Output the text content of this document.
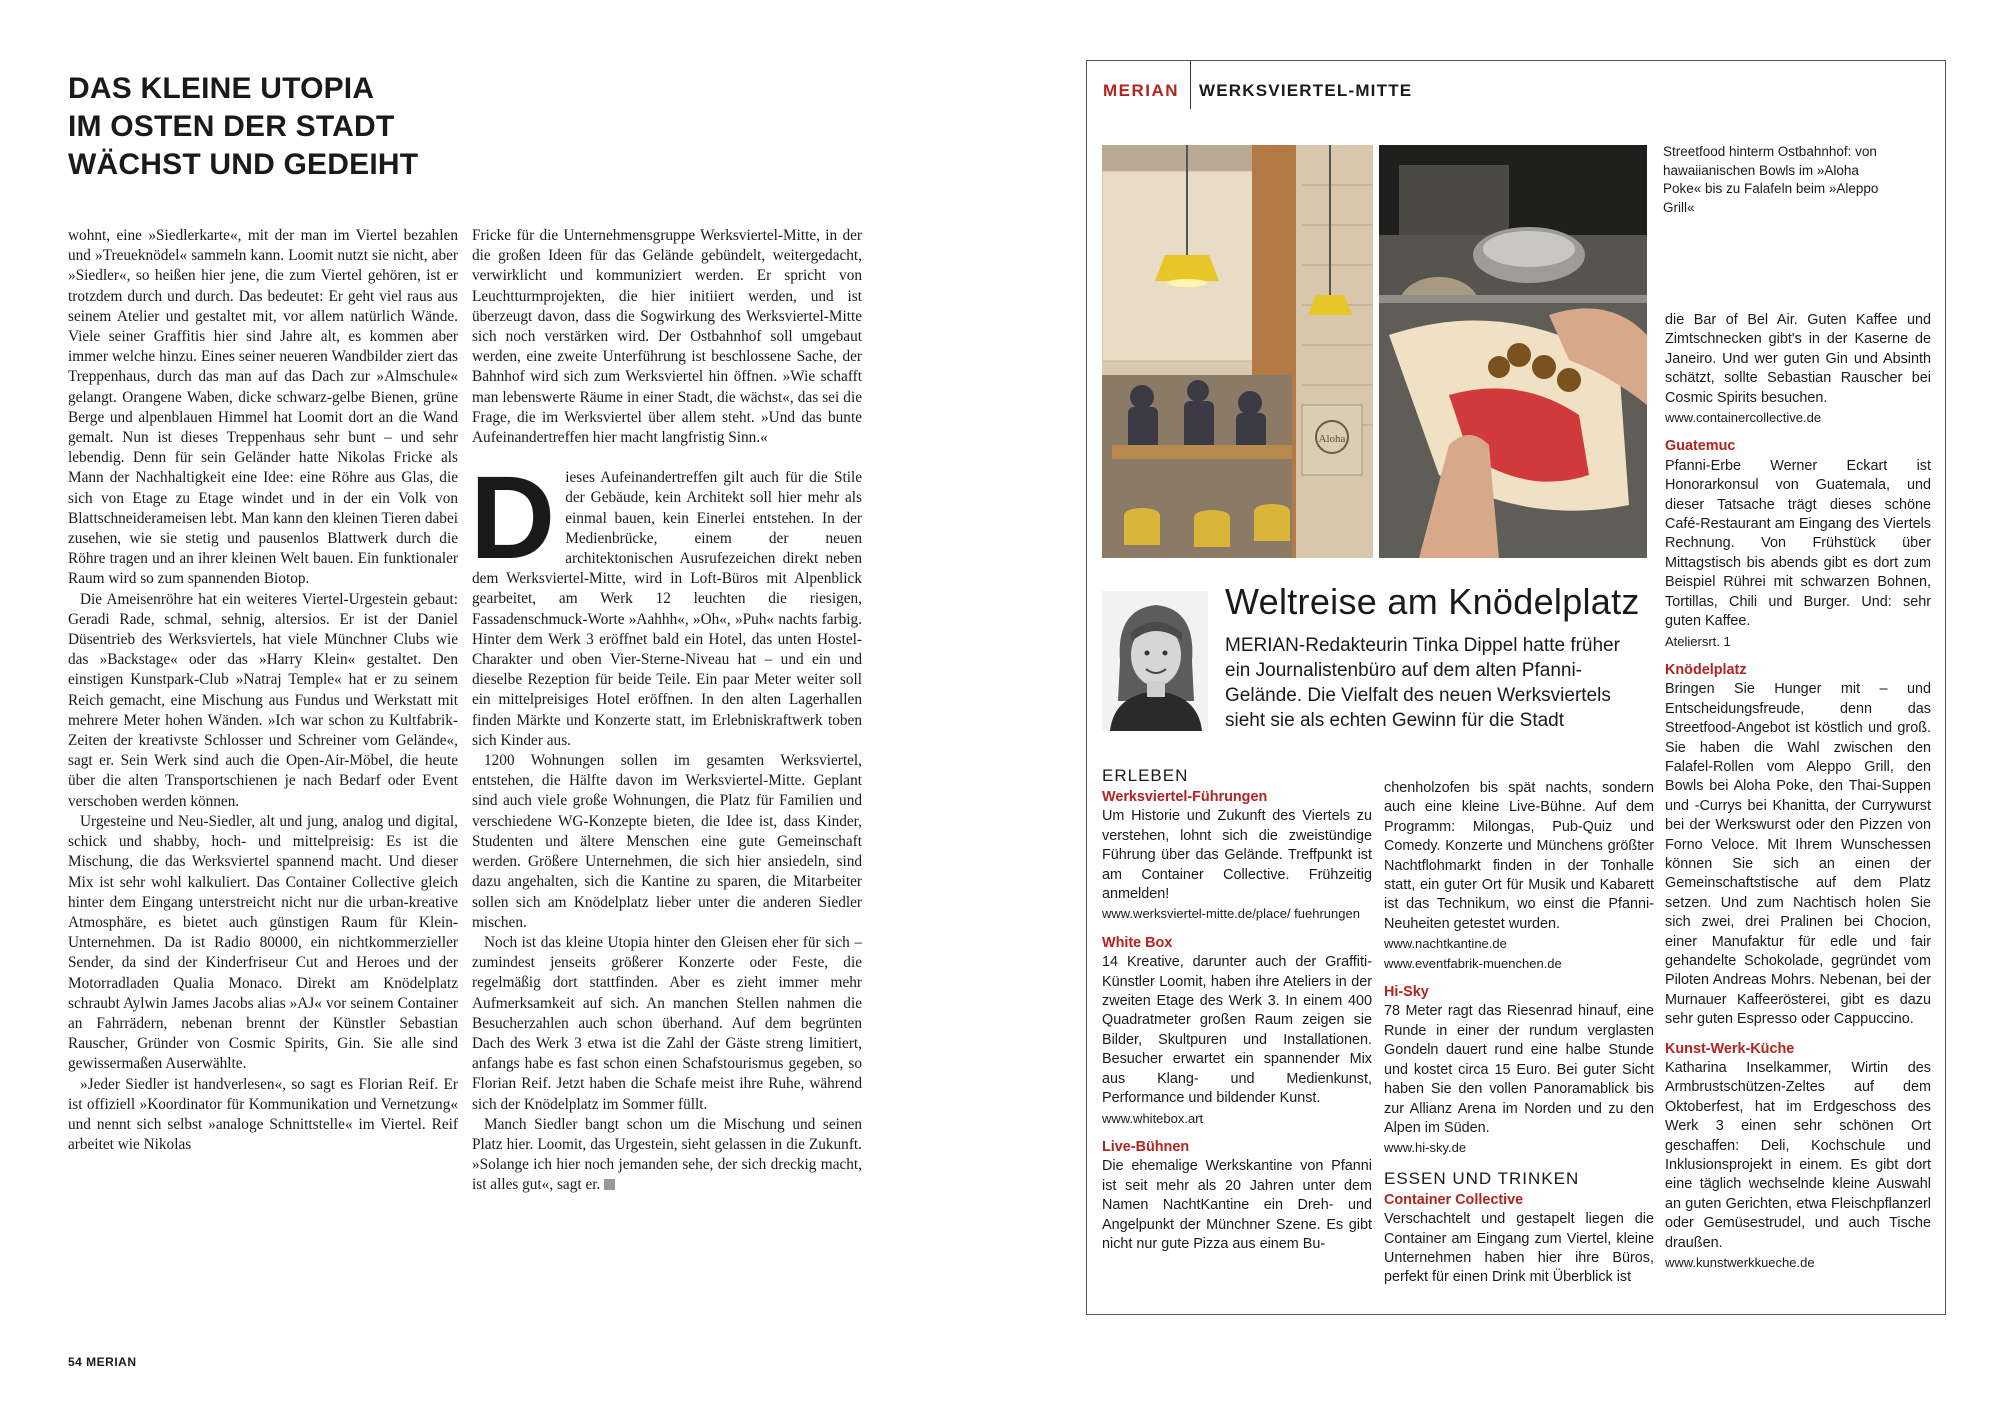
DAS KLEINE UTOPIA
IM OSTEN DER STADT
WÄCHST UND GEDEIHT

wohnt, eine »Siedlerkarte«, mit der man im Viertel bezahlen und »Treueknödel« sammeln kann. Loomit nutzt sie nicht, aber »Siedler«, so heißen hier jene, die zum Viertel gehören, ist er trotzdem durch und durch. Das bedeutet: Er geht viel raus aus seinem Atelier und gestaltet mit, vor allem natürlich Wände. Viele seiner Graffitis hier sind Jahre alt, es kommen aber immer welche hinzu. Eines seiner neueren Wandbilder ziert das Treppenhaus, durch das man auf das Dach zur »Almschule« gelangt. Orangene Waben, dicke schwarz-gelbe Bienen, grüne Berge und alpenblauen Himmel hat Loomit dort an die Wand gemalt. Nun ist dieses Treppenhaus sehr bunt – und sehr lebendig. Denn für sein Geländer hatte Nikolas Fricke als Mann der Nachhaltigkeit eine Idee: eine Röhre aus Glas, die sich von Etage zu Etage windet und in der ein Volk von Blattschneiderameisen lebt. Man kann den kleinen Tieren dabei zusehen, wie sie stetig und pausenlos Blattwerk durch die Röhre tragen und an ihrer kleinen Welt bauen. Ein funktionaler Raum wird so zum spannenden Biotop.

Die Ameisenröhre hat ein weiteres Viertel-Urgestein gebaut: Geradi Rade, schmal, sehnig, altersios. Er ist der Daniel Düsentrieb des Werksviertels, hat viele Münchner Clubs wie das »Backstage« oder das »Harry Klein« gestaltet. Den einstigen Kunstpark-Club »Natraj Temple« hat er zu seinem Reich gemacht, eine Mischung aus Fundus und Werkstatt mit mehrere Meter hohen Wänden. »Ich war schon zu Kultfabrik-Zeiten der kreativste Schlosser und Schreiner vom Gelände«, sagt er. Sein Werk sind auch die Open-Air-Möbel, die heute über die alten Transportschienen je nach Bedarf oder Event verschoben werden können.

Urgesteine und Neu-Siedler, alt und jung, analog und digital, schick und shabby, hoch- und mittelpreisig: Es ist die Mischung, die das Werksviertel spannend macht. Und dieser Mix ist sehr wohl kalkuliert. Das Container Collective gleich hinter dem Eingang unterstreicht nicht nur die urban-kreative Atmosphäre, es bietet auch günstigen Raum für Klein-Unternehmen. Da ist Radio 80000, ein nichtkommerzieller Sender, da sind der Kinderfriseur Cut and Heroes und der Motorradladen Qualia Monaco. Direkt am Knödelplatz schraubt Aylwin James Jacobs alias »AJ« vor seinem Container an Fahrrädern, nebenan brennt der Künstler Sebastian Rauscher, Gründer von Cosmic Spirits, Gin. Sie alle sind gewissermaßen Auserwählte.

»Jeder Siedler ist handverlesen«, so sagt es Florian Reif. Er ist offiziell »Koordinator für Kommunikation und Vernetzung« und nennt sich selbst »analoge Schnittstelle« im Viertel. Reif arbeitet wie Nikolas

Fricke für die Unternehmensgruppe Werksviertel-Mitte, in der die großen Ideen für das Gelände gebündelt, weitergedacht, verwirklicht und kommuniziert werden. Er spricht von Leuchtturmprojekten, die hier initiiert werden, und ist überzeugt davon, dass die Sogwirkung des Werksviertel-Mitte sich noch verstärken wird. Der Ostbahnhof soll umgebaut werden, eine zweite Unterführung ist beschlossene Sache, der Bahnhof wird sich zum Werksviertel hin öffnen. »Wie schafft man lebenswerte Räume in einer Stadt, die wächst«, das sei die Frage, die im Werksviertel über allem steht. »Und das bunte Aufeinandertreffen hier macht langfristig Sinn.«

Dieses Aufeinandertreffen gilt auch für die Stile der Gebäude, kein Architekt soll hier mehr als einmal bauen, kein Einerlei entstehen. In der Medienbrücke, einem der neuen architektonischen Ausrufezeichen direkt neben dem Werksviertel-Mitte, wird in Loft-Büros mit Alpenblick gearbeitet, am Werk 12 leuchten die riesigen, Fassadenschmuck-Worte »Aahhh«, »Oh«, »Puh« nachts farbig. Hinter dem Werk 3 eröffnet bald ein Hotel, das unten Hostel-Charakter und oben Vier-Sterne-Niveau hat – und ein und dieselbe Rezeption für beide Teile. Ein paar Meter weiter soll ein mittelpreisiges Hotel eröffnen. In den alten Lagerhallen finden Märkte und Konzerte statt, im Erlebniskraftwerk toben sich Kinder aus.

1200 Wohnungen sollen im gesamten Werksviertel, entstehen, die Hälfte davon im Werksviertel-Mitte. Geplant sind auch viele große Wohnungen, die Platz für Familien und verschiedene WG-Konzepte bieten, die Idee ist, dass Kinder, Studenten und ältere Menschen eine gute Gemeinschaft werden. Größere Unternehmen, die sich hier ansiedeln, sind dazu angehalten, sich die Kantine zu sparen, die Mitarbeiter sollen sich am Knödelplatz lieber unter die anderen Siedler mischen.

Noch ist das kleine Utopia hinter den Gleisen eher für sich – zumindest jenseits größerer Konzerte oder Feste, die regelmäßig dort stattfinden. Aber es zieht immer mehr Aufmerksamkeit auf sich. An manchen Stellen nahmen die Besucherzahlen auch schon überhand. Auf dem begrünten Dach des Werk 3 etwa ist die Zahl der Gäste streng limitiert, anfangs habe es fast schon einen Schafstourismus gegeben, so Florian Reif. Jetzt haben die Schafe meist ihre Ruhe, während sich der Knödelplatz im Sommer füllt.

Manch Siedler bangt schon um die Mischung und seinen Platz hier. Loomit, das Urgestein, sieht gelassen in die Zukunft. »Solange ich hier noch jemanden sehe, der sich dreckig macht, ist alles gut«, sagt er.

54 MERIAN
MERIAN WERKSVIERTEL-MITTE
Aloha
Streetfood hinterm Ostbahnhof: von hawaiianischen Bowls im »Aloha Poke« bis zu Falafeln beim »Aleppo Grill«
Weltreise am Knödelplatz
MERIAN-Redakteurin Tinka Dippel hatte früher ein Journalistenbüro auf dem alten Pfanni-Gelände. Die Vielfalt des neuen Werksviertels sieht sie als echten Gewinn für die Stadt
ERLEBEN
Werksviertel-Führungen

Um Historie und Zukunft des Viertels zu verstehen, lohnt sich die zweistündige Führung über das Gelände. Treffpunkt ist am Container Collective. Frühzeitig anmelden!

www.werksviertel-mitte.de/place/ fuehrungen
White Box

14 Kreative, darunter auch der Graffiti-Künstler Loomit, haben ihre Ateliers in der zweiten Etage des Werk 3. In einem 400 Quadratmeter großen Raum zeigen sie Bilder, Skultpuren und Installationen. Besucher erwartet ein spannender Mix aus Klang- und Medienkunst, Performance und bildender Kunst.

www.whitebox.art
Live-Bühnen

Die ehemalige Werkskantine von Pfanni ist seit mehr als 20 Jahren unter dem Namen NachtKantine ein Dreh- und Angelpunkt der Münchner Szene. Es gibt nicht nur gute Pizza aus einem Bu-

chenholzofen bis spät nachts, sondern auch eine kleine Live-Bühne. Auf dem Programm: Milongas, Pub-Quiz und Comedy. Konzerte und Münchens größter Nachtflohmarkt finden in der Tonhalle statt, ein guter Ort für Musik und Kabarett ist das Technikum, wo einst die Pfanni-Neuheiten getestet wurden.

www.nachtkantine.de
www.eventfabrik-muenchen.de
Hi-Sky

78 Meter ragt das Riesenrad hinauf, eine Runde in einer der rundum verglasten Gondeln dauert rund eine halbe Stunde und kostet circa 15 Euro. Bei guter Sicht haben Sie den vollen Panoramablick bis zur Allianz Arena im Norden und zu den Alpen im Süden.

www.hi-sky.de
ESSEN UND TRINKEN
Container Collective

Verschachtelt und gestapelt liegen die Container am Eingang zum Viertel, kleine Unternehmen haben hier ihre Büros, perfekt für einen Drink mit Überblick ist

die Bar of Bel Air. Guten Kaffee und Zimtschnecken gibt's in der Kaserne de Janeiro. Und wer guten Gin und Absinth schätzt, sollte Sebastian Rauscher bei Cosmic Spirits besuchen.

www.containercollective.de
Guatemuc

Pfanni-Erbe Werner Eckart ist Honorarkonsul von Guatemala, und dieser Tatsache trägt dieses schöne Café-Restaurant am Eingang des Viertels Rechnung. Von Frühstück über Mittagstisch bis abends gibt es dort zum Beispiel Rührei mit schwarzen Bohnen, Tortillas, Chili und Burger. Und: sehr guten Kaffee.

Ateliersrt. 1
Knödelplatz

Bringen Sie Hunger mit – und Entscheidungsfreude, denn das Streetfood-Angebot ist köstlich und groß. Sie haben die Wahl zwischen den Falafel-Rollen vom Aleppo Grill, den Bowls bei Aloha Poke, den Thai-Suppen und -Currys bei Khanitta, der Currywurst bei der Werkswurst oder den Pizzen von Forno Veloce. Mit Ihrem Wunschessen können Sie sich an einen der Gemeinschaftstische auf dem Platz setzen. Und zum Nachtisch holen Sie sich zwei, drei Pralinen bei Chocion, einer Manufaktur für edle und fair gehandelte Schokolade, gegründet vom Piloten Andreas Mohrs. Nebenan, bei der Murnauer Kaffeerösterei, gibt es dazu sehr guten Espresso oder Cappuccino.

Kunst-Werk-Küche

Katharina Inselkammer, Wirtin des Armbrustschützen-Zeltes auf dem Oktoberfest, hat im Erdgeschoss des Werk 3 einen sehr schönen Ort geschaffen: Deli, Kochschule und Inklusionsprojekt in einem. Es gibt dort eine täglich wechselnde kleine Auswahl an guten Gerichten, etwa Fleischpflanzerl oder Gemüsestrudel, und auch Tische draußen.

www.kunstwerkkueche.de
